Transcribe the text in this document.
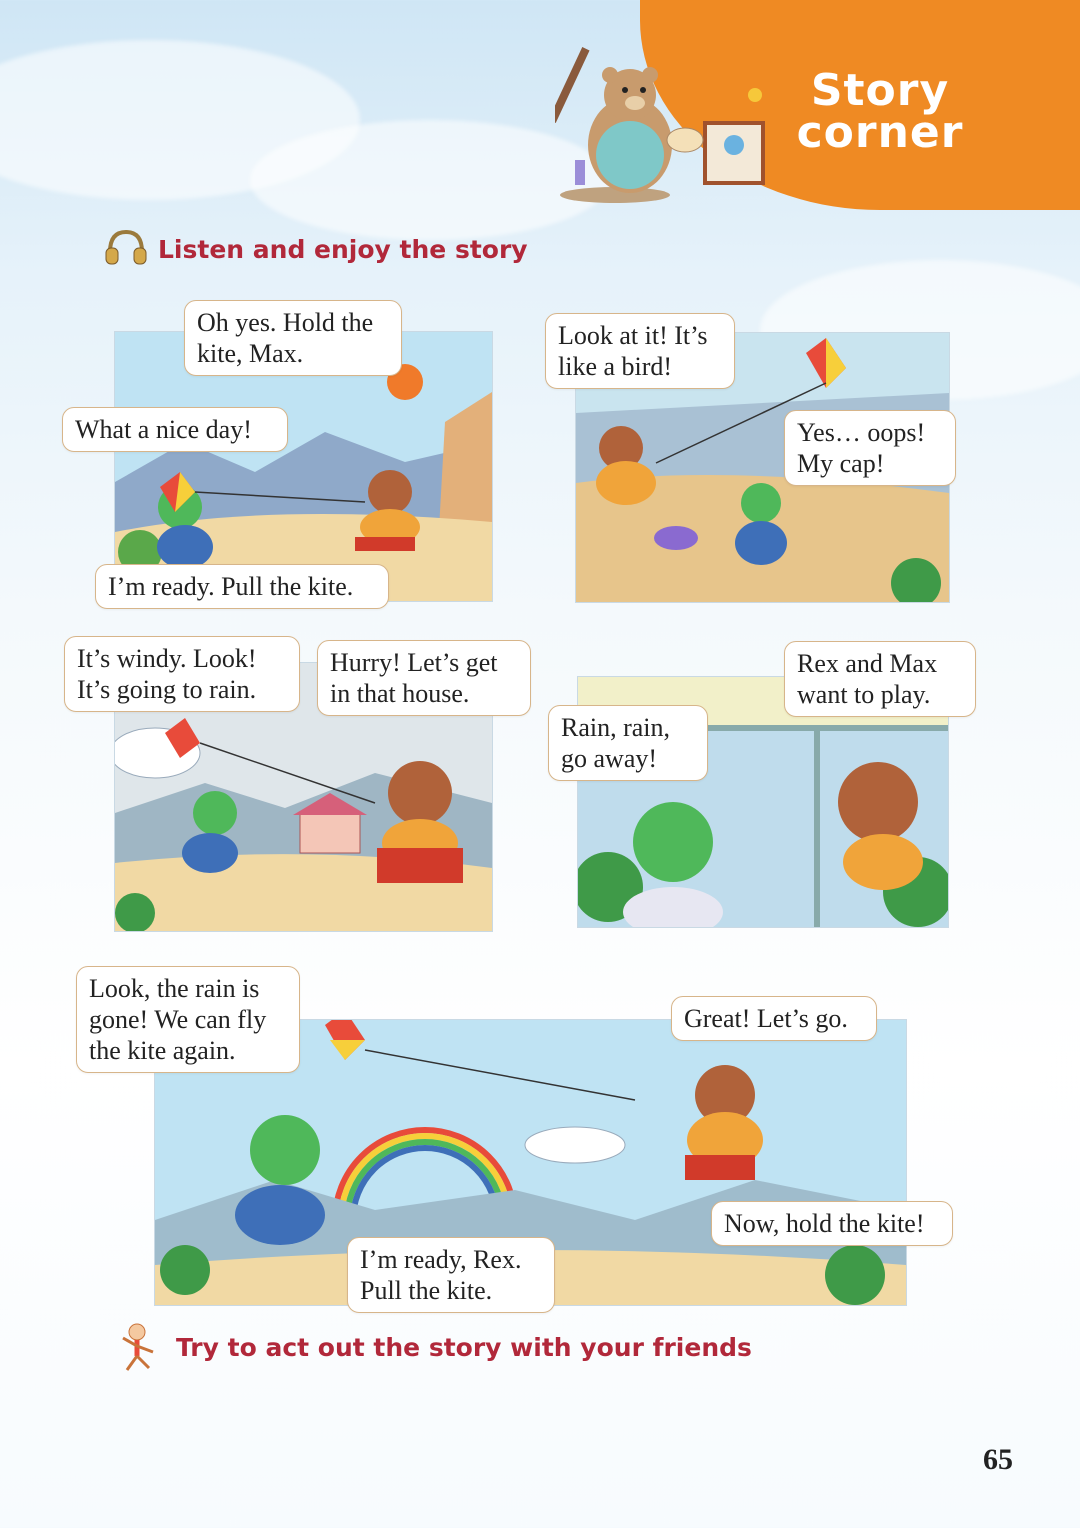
Story
corner
Listen and enjoy the story
Oh yes. Hold the
kite, Max.
What a nice day!
I’m ready. Pull the kite.
Look at it! It’s
like a bird!
Yes… oops!
My cap!
It’s windy. Look!
It’s going to rain.
Hurry! Let’s get
in that house.
Rex and Max
want to play.
Rain, rain,
go away!
Look, the rain is
gone! We can fly
the kite again.
Great! Let’s go.
Now, hold the kite!
I’m ready, Rex.
Pull the kite.
Try to act out the story with your friends
65
